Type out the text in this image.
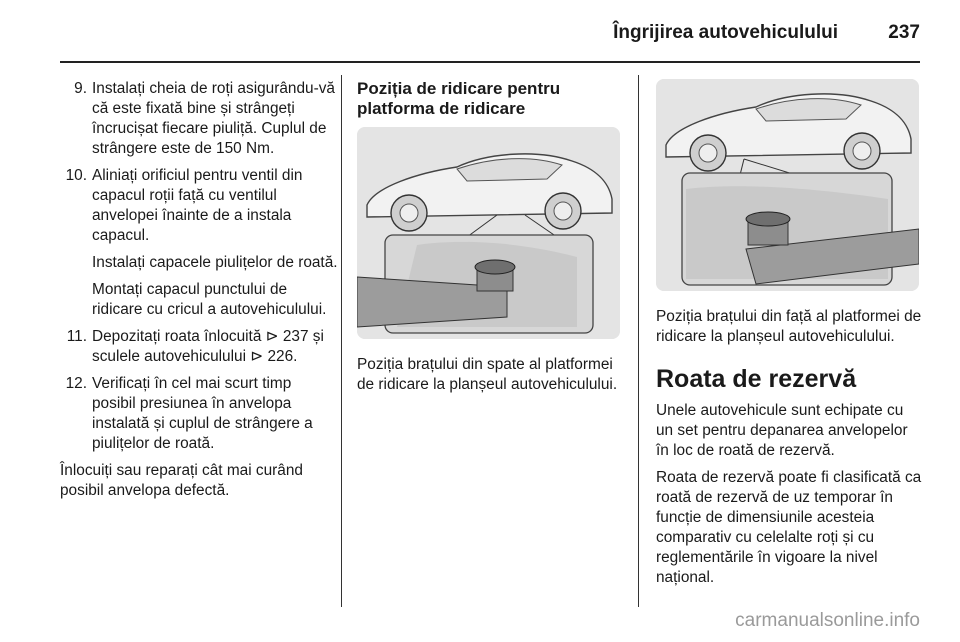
Îngrijirea autovehiculului	237
9. Instalați cheia de roți asigurându-vă că este fixată bine și strângeți încrucișat fiecare piuliță. Cuplul de strângere este de 150 Nm.
10. Aliniați orificiul pentru ventil din capacul roții față cu ventilul anvelopei înainte de a instala capacul.
Instalați capacele piulițelor de roată.
Montați capacul punctului de ridicare cu cricul a autovehiculului.
11. Depozitați roata înlocuită ⊳ 237 și sculele autovehiculului ⊳ 226.
12. Verificați în cel mai scurt timp posibil presiunea în anvelopa instalată și cuplul de strângere a piulițelor de roată.

Înlocuiți sau reparați cât mai curând posibil anvelopa defectă.

Poziția de ridicare pentru platforma de ridicare
Poziția brațului din spate al platformei de ridicare la planșeul autovehiculului.
Poziția brațului din față al platformei de ridicare la planșeul autovehiculului.
Roata de rezervă

Unele autovehicule sunt echipate cu un set pentru depanarea anvelopelor în loc de roată de rezervă.

Roata de rezervă poate fi clasificată ca roată de rezervă de uz temporar în funcție de dimensiunile acesteia comparativ cu celelalte roți și cu reglementările în vigoare la nivel național.

carmanualsonline.info
